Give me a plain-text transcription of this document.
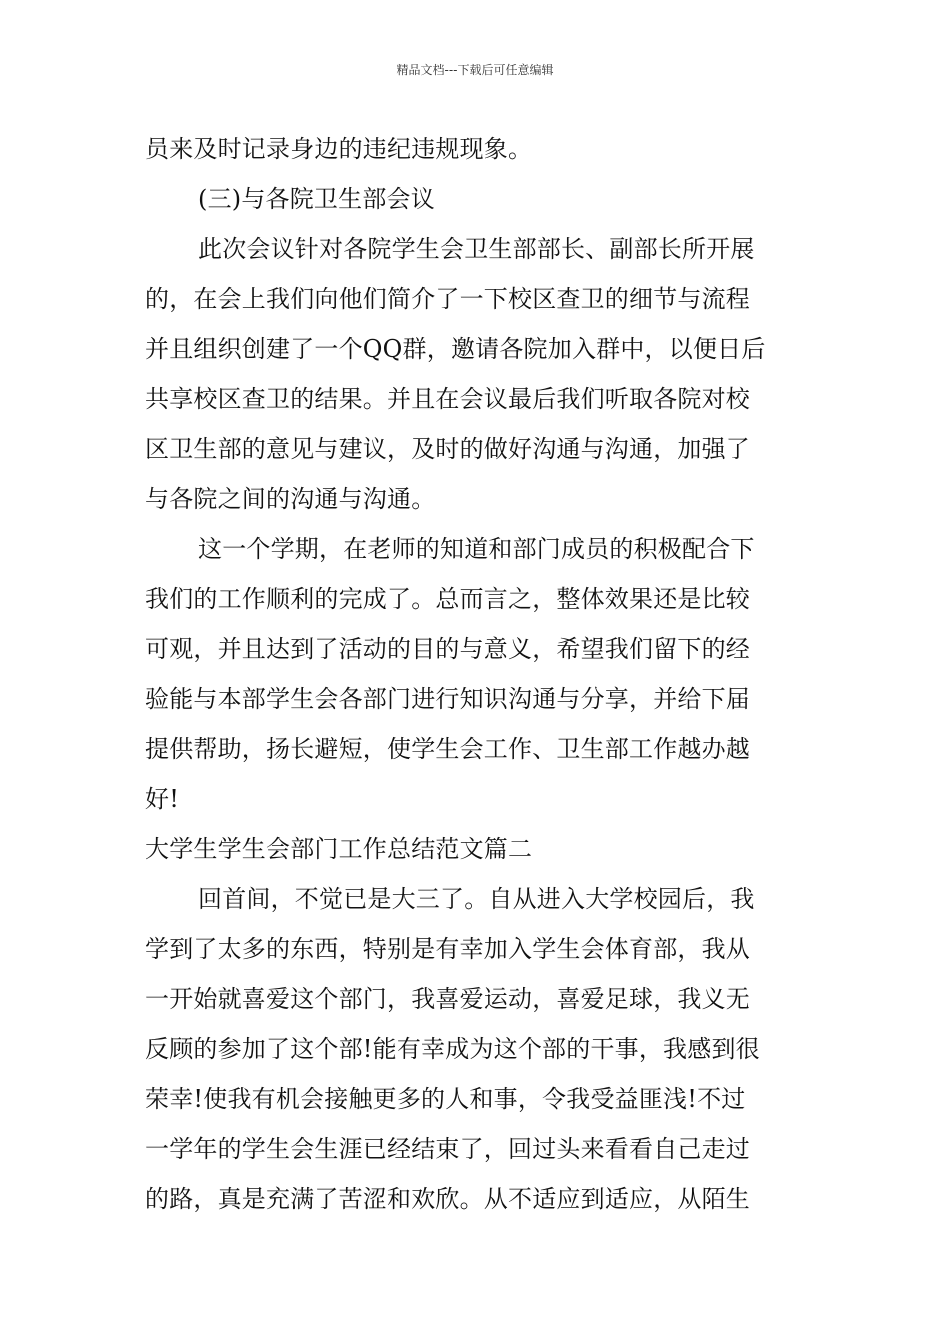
精品文档---下载后可任意编辑
员来及时记录身边的违纪违规现象。
(三)与各院卫生部会议
此次会议针对各院学生会卫生部部长、副部长所开展
的，在会上我们向他们简介了一下校区查卫的细节与流程
并且组织创建了一个QQ群，邀请各院加入群中，以便日后
共享校区查卫的结果。并且在会议最后我们听取各院对校
区卫生部的意见与建议，及时的做好沟通与沟通，加强了
与各院之间的沟通与沟通。
这一个学期，在老师的知道和部门成员的积极配合下
我们的工作顺利的完成了。总而言之，整体效果还是比较
可观，并且达到了活动的目的与意义，希望我们留下的经
验能与本部学生会各部门进行知识沟通与分享，并给下届
提供帮助，扬长避短，使学生会工作、卫生部工作越办越
好!
大学生学生会部门工作总结范文篇二
回首间，不觉已是大三了。自从进入大学校园后，我
学到了太多的东西，特别是有幸加入学生会体育部，我从
一开始就喜爱这个部门，我喜爱运动，喜爱足球，我义无
反顾的参加了这个部!能有幸成为这个部的干事，我感到很
荣幸!使我有机会接触更多的人和事，令我受益匪浅!不过
一学年的学生会生涯已经结束了，回过头来看看自己走过
的路，真是充满了苦涩和欢欣。从不适应到适应，从陌生
